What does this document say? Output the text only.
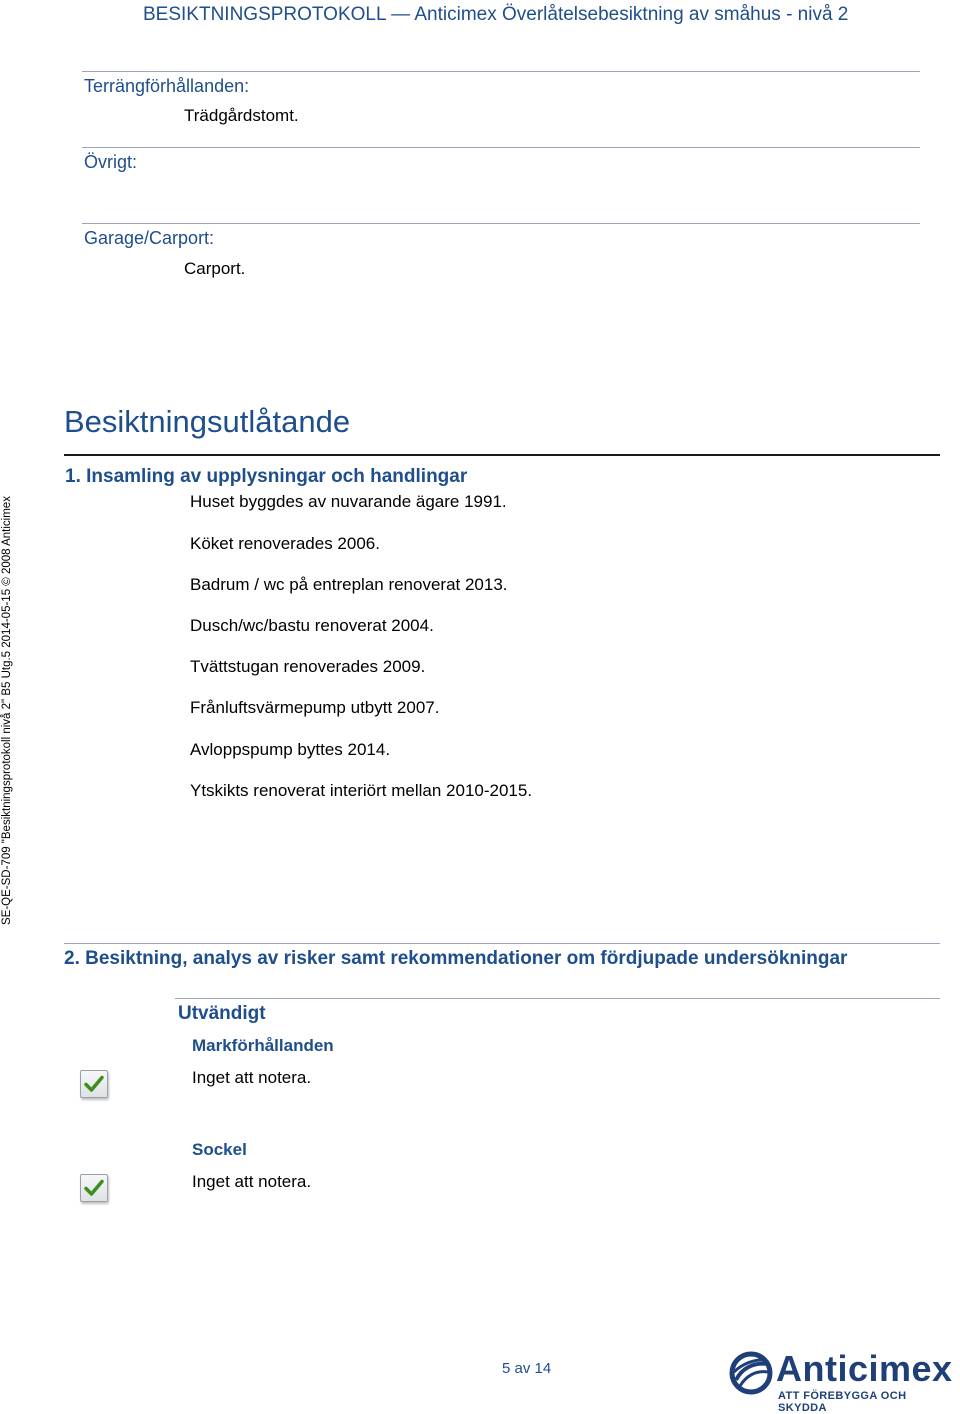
BESIKTNINGSPROTOKOLL — Anticimex Överlåtelsebesiktning av småhus - nivå 2
SE-QE-SD-709 "Besiktningsprotokoll nivå 2" B5 Utg.5 2014-05-15 © 2008 Anticimex
Terrängförhållanden:
Trädgårdstomt.
Övrigt:
Garage/Carport:
Carport.
Besiktningsutlåtande
1. Insamling av upplysningar och handlingar
Huset byggdes av nuvarande ägare 1991.
Köket renoverades 2006.
Badrum / wc på entreplan renoverat 2013.
Dusch/wc/bastu renoverat 2004.
Tvättstugan renoverades 2009.
Frånluftsvärmepump utbytt 2007.
Avloppspump byttes 2014.
Ytskikts renoverat interiört mellan 2010-2015.
2. Besiktning, analys av risker samt rekommendationer om fördjupade undersökningar
Utvändigt
Markförhållanden
Inget att notera.
Sockel
Inget att notera.
5 av 14	Anticimex
ATT FÖREBYGGA OCH SKYDDA
